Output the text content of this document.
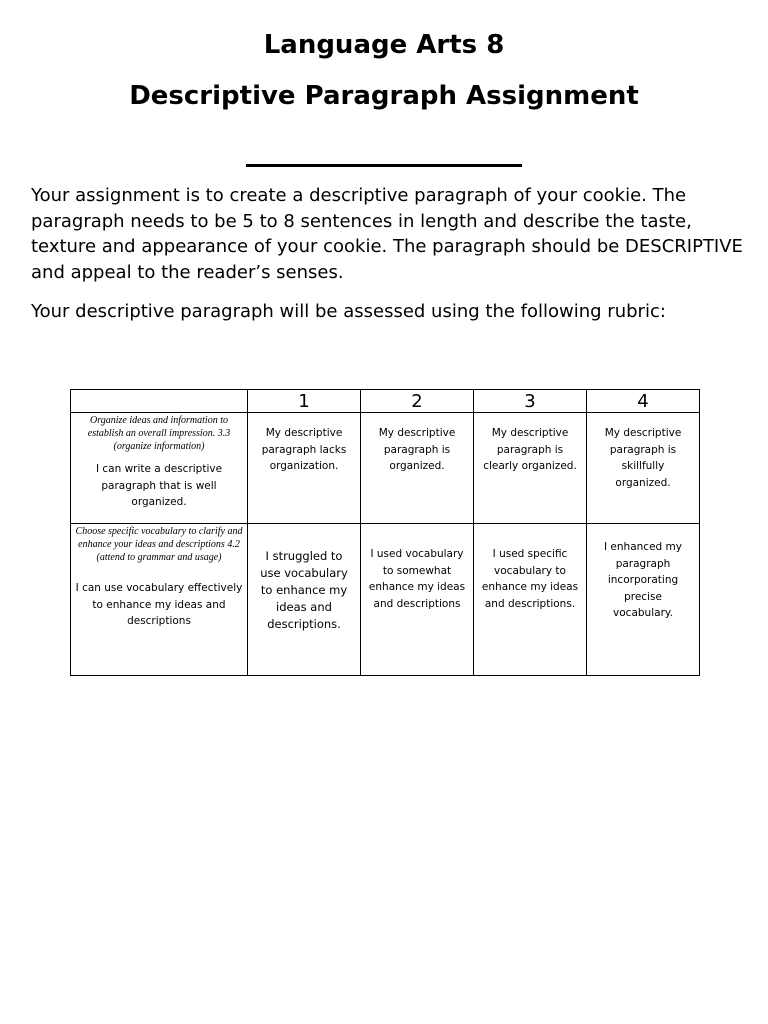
Language Arts 8
Descriptive Paragraph Assignment

Your assignment is to create a descriptive paragraph of your cookie. The paragraph needs to be 5 to 8 sentences in length and describe the taste, texture and appearance of your cookie. The paragraph should be DESCRIPTIVE and appeal to the reader’s senses.

Your descriptive paragraph will be assessed using the following rubric:

	1	2	3	4

Organize ideas and information to establish an overall impression. 3.3 (organize information)
I can write a descriptive paragraph that is well organized.	My descriptive paragraph lacks organization.	My descriptive paragraph is organized.	My descriptive paragraph is clearly organized.	My descriptive paragraph is skillfully organized.

Choose specific vocabulary to clarify and enhance your ideas and descriptions 4.2 (attend to grammar and usage)
I can use vocabulary effectively to enhance my ideas and descriptions	I struggled to use vocabulary to enhance my ideas and descriptions.	I used vocabulary to somewhat enhance my ideas and descriptions	I used specific vocabulary to enhance my ideas and descriptions.	I enhanced my paragraph incorporating precise vocabulary.
